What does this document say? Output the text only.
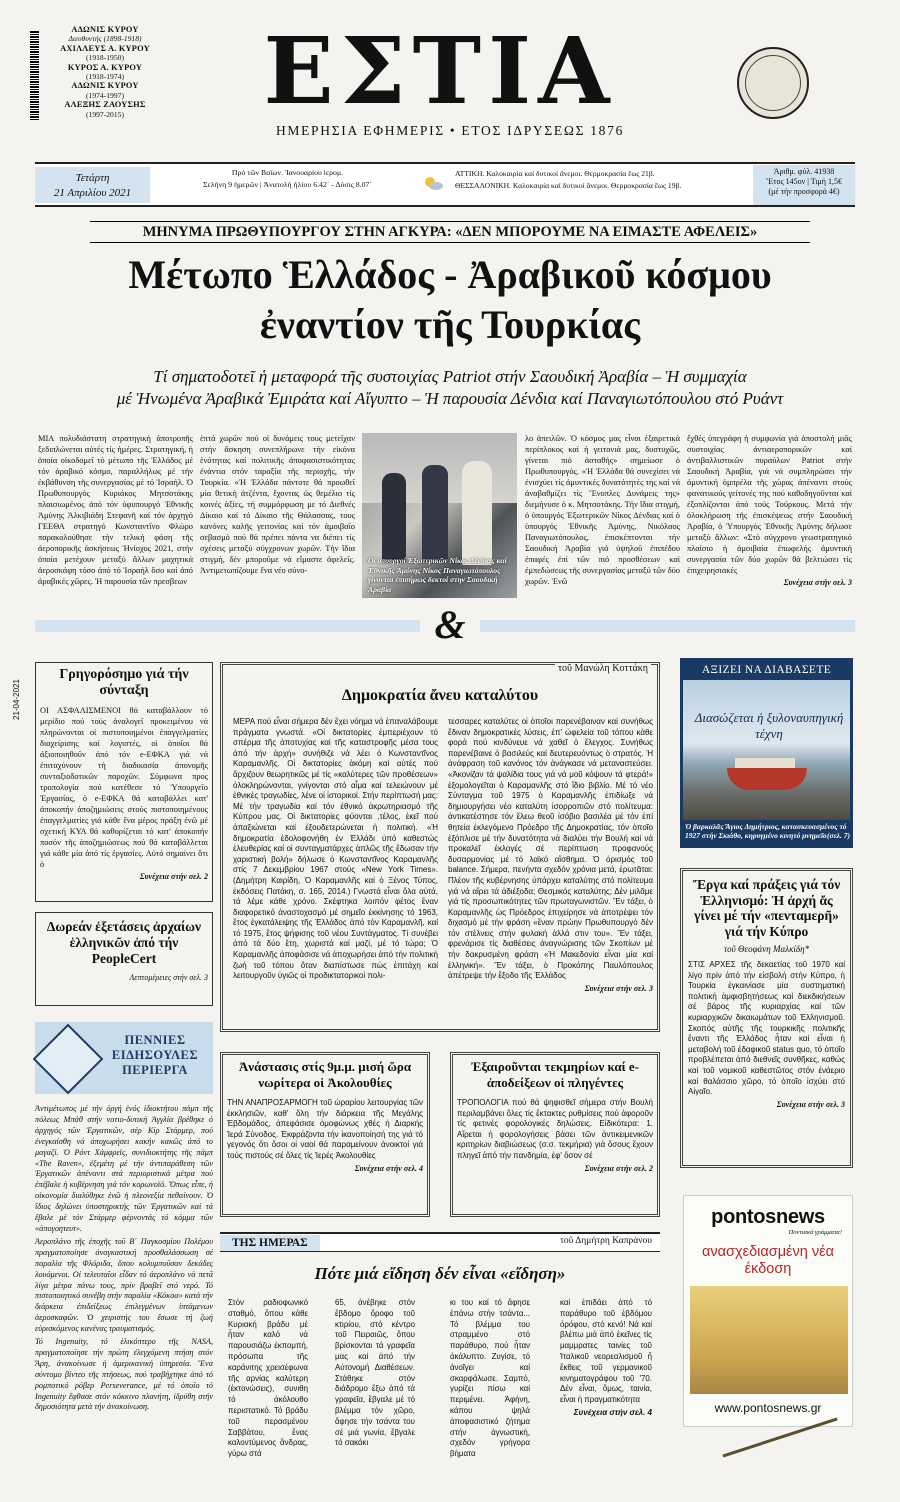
ΑΔΩΝΙΣ ΚΥΡΟΥ
Διευθυντής (1898-1918)
ΑΧΙΛΛΕΥΣ Α. ΚΥΡΟΥ
(1918-1950)
ΚΥΡΟΣ Α. ΚΥΡΟΥ
(1918-1974)
ΑΔΩΝΙΣ ΚΥΡΟΥ
(1974-1997)
ΑΛΕΞΗΣ ΖΑΟΥΣΗΣ
(1997-2015)	ΕΣΤΙΑ
ΗΜΕΡΗΣΙΑ ΕΦΗΜΕΡΙΣ • ΕΤΟΣ ΙΔΡΥΣΕΩΣ 1876
Τετάρτη
21 Απριλίου 2021
Πρό τῶν Βαϊων. Ἰανουαρίου ἱερομ.
Σελήνη 9 ἡμερῶν | Ἀνατολή ἡλίου 6.42΄ - Δύσις 8.07΄
ΑΤΤΙΚΗ. Καλοκαιρία καί δυτικοί ἄνεμοι. Θερμοκρασία ἕως 21β.
ΘΕΣΣΑΛΟΝΙΚΗ. Καλοκαιρία καί δυτικοί ἄνεμοι. Θερμοκρασία ἕως 19β.
Ἀριθμ. φύλ. 41938
Ἔτος 145ον | Τιμή 1,5€
(μέ τήν προσφορά 4€)
ΜΗΝΥΜΑ ΠΡΩΘΥΠΟΥΡΓΟΥ ΣΤΗΝ ΑΓΚΥΡΑ: «ΔΕΝ ΜΠΟΡΟΥΜΕ ΝΑ ΕΙΜΑΣΤΕ ΑΦΕΛΕΙΣ»
Μέτωπο Ἑλλάδος - Ἀραβικοῦ κόσμου
ἐναντίον τῆς Τουρκίας
Τί σηματοδοτεῖ ἡ μεταφορά τῆς συστοιχίας Patriot στήν Σαουδική Ἀραβία – Ἡ συμμαχία
μέ Ἡνωμένα Ἀραβικά Ἐμιράτα καί Αἴγυπτο – Ἡ παρουσία Δένδια καί Παναγιωτόπουλου στό Ρυάντ
ΜΙΑ πολυδιάστατη στρατηγική ἀποτροπῆς ξεδιπλώνεται αὐτές τίς ἡμέρες. Στρατηγική, ἡ ὁποία οἰκοδομεῖ τό μέτωπο τῆς Ἑλλάδος μέ τόν ἀραβικό κόσμο, παραλλήλως μέ τήν ἐκβάθυνση τῆς συνεργασίας μέ τό Ἰσραήλ. Ὁ Πρωθυπουργός Κυριάκος Μητσοτάκης πλαισιωμένος ἀπό τόν ὑφυπουργό Ἐθνικῆς Ἀμύνης Ἀλκιβιάδη Στεφανῆ καί τόν ἀρχηγό ΓΕΕΘΑ στρατηγό Κωνσταντῖνο Φλώρο παρακολούθησε τήν τελική φάση τῆς ἀεροπορικῆς ἀσκήσεως Ἡνίοχος 2021, στήν ὁποία μετέχουν μεταξύ ἄλλων μαχητικά ἀεροσκάφη τόσο ἀπό τό Ἰσραήλ ὅσο καί ἀπό ἀραβικές χῶρες. Ἡ παρουσία τῶν πρεσβεων
ἑπτά χωρῶν πού οἱ δυνάμεις τους μετεῖχαν στήν ἄσκηση συνεπλήρωνε τήν εἰκόνα ἑνότητας καί πολιτικῆς ἀποφασιστικότητας ἐνάντια στόν ταραξία τῆς περιοχῆς, τήν Τουρκία. «Ἡ Ἑλλάδα πάντοτε θά προωθεῖ μία θετική ἀτζέντα, ἔχοντας ὡς θεμέλιο τίς κοινές ἀξίες, τή συμμόρφωση με τό Διεθνές Δίκαιο καί τό Δίκαιο τῆς Θάλασσας, τους κανόνες καλῆς γειτονίας καί τόν ἀμοιβαῖο σεβασμό πού θά πρέπει πάντα να διέπει τίς σχέσεις μεταξύ σύγχρονων χωρῶν. Τήν ἴδια στιγμή, δέν μποροῦμε νά εἴμαστε ἀφελεῖς. Ἀντιμετωπίζουμε ἕνα νέο σύνο-
Οἱ ὑπουργοί Ἐξωτερικῶν Νίκος Δένδιας καί Ἐθνικῆς Ἀμύνης Νίκος Παναγιωτόπουλος γίνονται ἐπισήμως δεκτοί στην Σαουδική Ἀραβία
λο ἀπειλῶν. Ὁ κόσμος μας εἶναι ἐξαιρετικά περίπλοκος καί ἡ γειτονιά μας, δυστυχῶς, γίνεται πιό ἀσταθής» σημείωσε ὁ Πρωθυπουργός. «Ἡ Ἑλλάδα θά συνεχίσει νά ἐνισχύει τίς ἀμυντικές δυνατότητές της καί νά ἀναβαθμίζει τίς Ἔνοπλες Δυνάμεις της» διεμήνυσε ὁ κ. Μητσοτάκης. Τήν ἴδια στιγμή, ὁ ὑπουργός Ἐξωτερικῶν Νίκος Δένδιας καί ὁ ὑπουργός Ἐθνικῆς Ἀμύνης, Νικόλαος Παναγιωτόπουλος, ἐπισκέπτονται τήν Σαουδική Ἀραβία γιά ὑψηλοῦ ἐπιπέδου ἐπαφές ἐπί τῶν πιό προσθέσεων καί ἐμπεδώσεως τῆς συνεργασίας μεταξύ τῶν δύο χωρῶν. Ἐνῶ
ἔχθές ὑπεγράφη ἡ συμφωνία γιά ἀποστολή μιᾶς συστοιχίας ἀντιαεροπορικῶν καί ἀντιβαλλιστικῶν πυραύλων Patriot στήν Σαουδική Ἀραβία, γιά νά συμπληρώσει τήν ἀμυντική ὀμπρέλα τῆς χώρας ἀπέναντι στούς φανατικούς γείτονές της πού καθοδηγοῦνται καί ἐξοπλίζονται ἀπό τούς Τούρκους. Μετά τήν ὁλοκλήρωση τῆς ἐπισκέψεως στήν Σαουδική Ἀραβία, ὁ Ὑπουργός Ἐθνικῆς Ἀμύνης δήλωσε μεταξύ ἄλλων: «Στό σύγχρονο γεωστρατηγικό πλαίσιο ἡ ἀμοιβαία ἐπωφελής ἀμυντική συνεργασία τῶν δύο χωρῶν θά βελτιώσει τίς ἐπιχειρησιακές
Συνέχεια στήν σελ. 3
&
21-04-2021
Γρηγορόσημο γιά τήν σύνταξη
ΟΙ ΑΣΦΑΛΙΣΜΕΝΟΙ θά καταβάλλουν τό μερίδιο πού τούς ἀναλογεῖ προκειμένου νά πληρώνονται οἱ πιστοποιημένοι ἐπαγγελματίες διαχείρισης καί λογιστές, οἱ ὁποῖοι θά ἀξιοποιηθοῦν ἀπό τόν e-ΕΦΚΑ γιά νά ἐπιταχύνουν τή διαδικασία ἀπονομῆς συνταξιοδοτικῶν παροχῶν. Σύμφωνα προς τροπολογία πού κατέθεσε τό Ὑπουργεῖο Ἐργασίας, ὁ e-ΕΦΚΑ θά καταβάλλει κατ' ἀποκοπήν ἀποζημιώσεις στούς πιστοποιημένους ἐπαγγελματίες γιά κάθε ἕνα μέρος πράξη ἐνῶ μέ σχετική ΚΥΑ θά καθορίζεται τό κατ' ἀποκοπήν ποσόν τῆς ἀποζημιώσεως πού θά καταβάλλεται γιά κάθε μία ἀπό τίς ἐργασίες. Αὐτό σημαίνει ὅτι ὁ
Συνέχεια στήν σελ. 2
Δωρεάν ἐξετάσεις ἀρχαίων ἑλληνικῶν ἀπό τήν PeopleCert
Λεπτομέρειες στήν σελ. 3
ΠΕΝΝΙΕΣ ΕΙΔΗΣΟΥΛΕΣ ΠΕΡΙΕΡΓΑ

Ἀντιμέτωπος μέ τήν ὀργή ἑνός ἰδιοκτήτου πάμπ τῆς πόλεως Μπάθ στήν νοτιο-δυτική Ἀγγλία βρέθηκε ὁ ἀρχηγός τῶν Ἐργατικῶν, σέρ Κίρ Στάρμερ, πού ἐνεγκαίσθη νά ἀποχωρήσει κακήν κακῶς ἀπό το μαγαζί. Ὁ Ρόντ Χάμφρεϊς, συνιδιοκτήτης τῆς πάμπ «The Raven», ἐξεμέτη μέ τήν ἀντιπαράθεση τῶν Ἐργατικῶν ἀπέναντι στά περιοριστικά μέτρα πού ἐπέβαλε ἡ κυβέρνηση γιά τόν κορωνοϊό. Ὅπως εἶπε, ἡ οἰκονομία διαλύθηκε ἐνῶ ἡ πλεονεξία πεθαίνουν. Ὁ ἴδιος δηλώνει ὑποστηρικτής τῶν Ἐργατικῶν καί τά ἔβαλε μέ τόν Στάρμερ φέρνοντάς τό κόμμα τῶν «ἀπογοητευτ».

Ἀεροπλάνο τῆς ἐποχῆς τοῦ Β΄ Παγκοσμίου Πολέμου πραγματοποίησε ἀναγκαστική προσθαλάσσωση σέ παραλία τῆς Φλόριδα, ὅπου κολυμποῦσαν δεκάδες λουόμενοι. Οἱ τελευταῖοι εἶδαν τό ἀεροπλάνο νά πετᾶ λίγα μέτρα πάνω τους, πρίν βραβεῖ στό νερό. Τό πιστοποιητικό συνέβη στήν παραλία «Κόκοα» κατά τήν διάρκεια ἐπιδείξεως ἐπιλεγμένων ἱπτάμενων ἀεροσκαφῶν. Ὁ χειριστής του ἔσωσε τή ζωή εὑρισκόμενος κανένας τραυματισμός.

Τό Ingenuity, τό ἑλικόπτερο τῆς NASA, πραγματοποίησε τήν πρώτη ἐλεγχόμενη πτήση στόν Ἄρη, ἀνακοίνωσε ἡ ἀμερικανική ὑπηρεσία. Ἕνα σύντομο βίντεο τῆς πτήσεως, πού τραβήχτηκε ἀπό τό ρομποτικό ρόβερ Perseverance, μέ τό ὁποῖο τό Ingenuity ἔφθασε στόν κόκκινο πλανήτη, ἱδρύθη στήν δημοσιότητα μετά τήν ἀνακοίνωση.

τοῦ Μανώλη Κοττάκη
Δημοκρατία ἄνευ καταλύτου
ΜΕΡΑ πού εἶναι σήμερα δέν ἔχει νόημα νά ἐπαναλάβουμε πράγματα γνωστά. «Οἱ δικτατορίες ἐμπεριέχουν τό σπέρμα τῆς ἀποτυχίας καί τῆς καταστροφῆς μέσα τους ἀπό τήν ἀρχή» συνήθιζε νά λέει ὁ Κωνσταντῖνος Καραμανλῆς. Οἱ δικτατορίες ἀκόμη καί αὐτές πού ἄρχιζουν θεωρητικῶς μέ τίς «καλύτερες τῶν προθέσεων» ὁλοκληρώνονται, γνίγονται στό αἷμα καί τελειώνουν μέ ἐθνικές τραγωδίες, λένε οἱ ἱστορικοί. Στήν περίπτωσή μας: Μέ τήν τραγωδία καί τόν ἐθνικό ἀκρωτηριασμό τῆς Κύπρου μας. Οἱ δικτατορίες φύονται ,τέλος, ἐκεῖ πού ἀπαξιώνεται καί ἐξουδετερώνεται ἡ πολιτική. «Ἡ δημοκρατία ἐδολοφονήθη ἐν Ἑλλάδι ὑπό καθεστώς ἐλευθερίας καί οἱ συνταγματάρχες ἁπλῶς τῆς ἔδωσαν τήν χαριστική βολή» δήλωσε ὁ Κωνσταντῖνος Καραμανλῆς στίς 7 Δεκεμβρίου 1967 στούς «New York Times». (Δημήτρη Καιρίδη, Ὁ Καραμανλῆς καί ὁ Ξένος Τύπος, ἐκδόσεις Πατάκη, σ. 165, 2014.) Γνωστά εἶναι ὅλα αὐτά, τά λέμε κάθε χρόνο. Σκέφτηκα λοιπόν φέτος ἕναν διαφορετικό ἀναστοχασμό μέ σημεῖο ἐκκίνησης τό 1963, ἔτος ἐγκατάλειψης τῆς Ἑλλάδος ἀπό τόν Καραμανλῆ, καί τό 1975, ἔτος ψήφισης τοῦ νέου Συντάγματος. Τί συνέβει ἀπό τά δύο ἔτη, χωριστά καί μαζί, μέ τό τώρα; Ὁ Καραμανλῆς ἀποφάσισε νά ἀποχωρήσει ἀπό τήν πολιτική ζωή τοῦ τόπου ὅταν διαπίστωσε πώς ἐπιτάχη καί λειτουργοῦν ὑγιῶς οἱ προδικτατορικοί πολι-
τεσσαρες καταλύτες οἱ ὁποῖοι παρενέβαιναν καί συνήθως ἔδιναν δημοκρατικές λύσεις, ἐπ' ὠφελεία τοῦ τόπου κάθε φορά πού κινδύνευε νά χαθεῖ ὁ ἔλεγχος. Συνήθως παρενέβαινε ὁ βασιλεύς καί δευτερευόντως ὁ στρατός. Ἡ ἀνάφραση τοῦ κανόνος τόν ἀνάγκασε νά μεταναστεύσει. «Ἀκονίζαν τά ψαλίδια τους γιά νά μοῦ κόψουν τά φτερά!» ἐξομολογεῖται ὁ Καραμανλῆς στό ἴδιο βιβλίο. Μέ τό νέο Σύνταγμα τοῦ 1975 ὁ Καραμανλῆς ἐπιδίωξε νά δημιουργήσει νέο καταλύτη ἰσορροπιῶν στό πολίτευμα: ἀντικατέστησε τόν ἔλεω θεοῦ ἰσόβιο βασιλέα μέ τόν ἐπί θητεία ἐκλεγόμενο Πρόεδρο τῆς Δημοκρατίας, τόν ὁποῖο ἐξόπλισε μέ τήν δυνατότητα νά διαλύει τήν Βουλή καί νά προκαλεῖ ἐκλογές σέ περίπτωση προφανούς δυσαρμονίας μέ τό λαϊκό αἴσθημα. Ὁ ὁρισμός τοῦ balance. Σήμερα, πενήντα σχεδόν χρόνια μετά, ἐρωτᾶται: Πλέον τῆς κυβέρνησης ὑπάρχει καταλύτης στό πολίτευμα γιά νά αἴρει τά ἀδιέξοδα; Θεσμικός καταλύτης; Δέν μιλᾶμε γιά τίς προσωπικότητες τῶν πρωταγωνιστῶν. Ἔν τάξει, ὁ Καραμανλῆς ὡς Πρόεδρος ἐπιχείρησε νά ἀποτρέψει τόν διχασμό μέ τήν φράση «ἕναν πρώην Πρωθυπουργό δέν τόν στέλνεις στήν φυλακή ἀλλά στιν του». Ἔν τάξει, φρενάρισε τίς διαθέσεις ἀναγνώρισης τῶν Σκοπίων μέ τήν δακρυσμένη φράση «Ἡ Μακεδονία εἶναι μία καί ἑλληνική». Ἔν τάξει, ὁ Προκόπης Παυλόπουλος ἀπέτρεψε τήν ἔξοδο τῆς Ἑλλάδος
Συνέχεια στήν σελ. 3
Ἀνάστασις στίς 9μ.μ. μισή ὥρα νωρίτερα οἱ Ἀκολουθίες
ΤΗΝ ΑΝΑΠΡΟΣΑΡΜΟΓΗ τοῦ ὡραρίου λειτουργίας τῶν ἐκκλησιῶν, καθ' ὅλη τήν διάρκεια τῆς Μεγάλης Ἑβδομάδος, ἀπεφάσισε ὁμοφώνως χθές ἡ Διαρκής Ἱερά Σύνοδος. Ἐκφράζοντα τήν ἱκανοποίησή της γιά τό γεγονός ὅτι ὅσοι οἱ ναοί θά παραμείνουν ἀνοικτοί γιά τούς πιστούς σέ ὅλες τίς Ἱερές Ἀκολουθίες
Συνέχεια στήν σελ. 4
Ἐξαιροῦνται τεκμηρίων καί e-ἀποδείξεων οἱ πληγέντες
ΤΡΟΠΟΛΟΓΙΑ πού θά ψηφισθεῖ σήμερα στήν Βουλή περιλαμβάνει ὅλες τίς ἔκτακτες ρυθμίσεις πού ἀφοροῦν τίς φετινές φορολογικές δηλώσεις. Εἰδικότερα: 1. Αἴρεται ἡ φορολογήσεις βάσει τῶν ἀντικειμενικῶν κριτηρίων διαβιώσεως (σ.σ. τεκμήρια) γιά ὅσους ἔχουν πληγεῖ ἀπό τήν πανδημία, ἐφ' ὅσον σέ
Συνέχεια στήν σελ. 2
ΤΗΣ ΗΜΕΡΑΣ	τοῦ Δημήτρη Καπράνου
Πότε μιά εἴδηση δέν εἶναι «εἴδηση»
Στόν ραδιοφωνικό σταθμό, ὅπου κάθε Κυριακή βράδυ μέ ἦταν καλό νά παρουσιάζω ἐκπομπή, πρόσωπα τῆς καράνιτης χρεισέφωνα τῆς αρνίας καλύτερη (ἐκτονώσεις), συνιθη τό ἀκόλουθο περιστατικό. Τό βράδυ τοῦ περασμένου Σαββάτου, ἕνας καλοντύμενος ἄνδρας, γύρω στά
65, ἀνέβηκε στόν ἔβδομο ὄροφο τοῦ κτιρίου, στό κέντρο τοῦ Πειραιῶς, ὅπου βρίσκονται τά γραφεῖα μας καί ἀπό τήν Αὐτονομή Διαθέσεων. Στάθηκε στόν διάδρομο ἔξω ἀπό τά γραφεῖα, ἔβγαλε μέ τό βλέμμα τόν χῶρο, ἄφησε τήν τσάντα του σέ μιά γωνία, ἔβγαλε τό σακάκι
κι του καί τό ἄφησε ἐπάνω στήν τσάντα... Τό βλέμμα του στραμμένο στό παράθυρο, πού ἦταν ἀκάλυπτο. Ζυγίσε, τό ἀνοῖγει καί σκαρφάλωσε. Σαμπό, γυρίζει πίσω καί περιμένει. Ἀφήνη, κάπου ψηλά ἀποφασιστικό ζήτημα στήν ἀγνωστική, σχεδόν γρήγορα βήματα
καί ἐπιδάει ἀπό τό παράθυρο τοῦ ἑβδόμου ὀρόφου, στό κενό! Νά καί βλέπω μιά ἀπό ἐκεῖνες τίς μαμμρατες ταινίες τοῦ Ἰταλικοῦ νεορεαλισμοῦ ἤ ἕκθεις τοῦ γερμανικοῦ κινηματογράφου τοῦ '70. Δέν εἶναι, ὅμως, ταινία, εἶναι ἡ πραγματικότητα
Συνέχεια στήν σελ. 4
ΑΞΙΖΕΙ ΝΑ ΔΙΑΒΑΣΕΤΕ
Διασώζεται ἡ ξυλοναυπηγική τέχνη
Ὁ βαρκαλᾶς Ἅγιος Δημήτριος, κατασκευασμένος τό 1927 στήν Σκιάθο, κηρυγμένο κινητό μνημεῖο (σελ. 7)
Ἔργα καί πράξεις γιά τόν Ἑλληνισμό: Ἡ ἀρχή ἄς γίνει μέ τήν «πενταμερῆ» γιά τήν Κύπρο
τοῦ Θεοφάνη Μαλκίδη*
ΣΤΙΣ ΑΡΧΕΣ τῆς δεκαετίας τοῦ 1970 καί λίγο πρίν ἀπό τήν εἰσβολή στήν Κύπρο, ἡ Τουρκία ἐγκαινίασε μία συστηματική πολιτική ἀμφισβητήσεως καί διεκδικήσεων σέ βάρος τῆς κυριαρχίας καί τῶν κυριαρχικῶν δικαιωμάτων τοῦ Ἑλληνισμοῦ. Σκοπός αὐτῆς τῆς τουρκικῆς πολιτικῆς ἔναντι τῆς Ἑλλάδος ἦταν καί εἶναι ἡ μεταβολή τοῦ ἐδαφικοῦ status quo, τό ὁποῖο προβλέπεται ἀπό διεθνεῖς συνθῆκες, καθώς καί τοῦ νομικοῦ καθεστῶτος στόν ἐνάεριο καί θαλάσσιο χῶρο, τό ὁποῖο ἰσχύει στό Αἰγαῖο.
Συνέχεια στήν σελ. 3
pontosnews
Ποντιακά γράμματα!
ανασχεδιασμένη νέα έκδοση
www.pontosnews.gr
